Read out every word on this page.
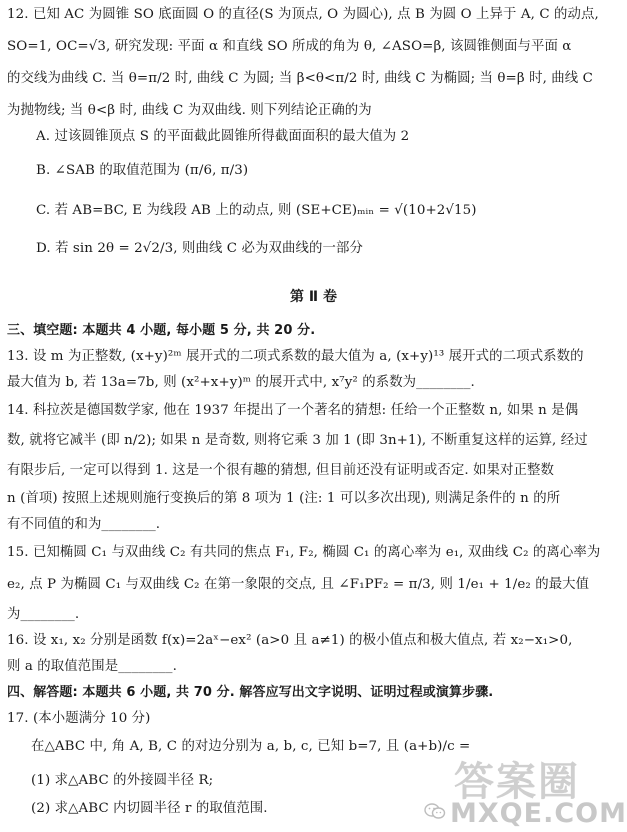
12. 已知 AC 为圆锥 SO 底面圆 O 的直径(S 为顶点, O 为圆心), 点 B 为圆 O 上异于 A, C 的动点,
SO=1, OC=√3, 研究发现: 平面 α 和直线 SO 所成的角为 θ, ∠ASO=β, 该圆锥侧面与平面 α
的交线为曲线 C. 当 θ=π/2 时, 曲线 C 为圆; 当 β<θ<π/2 时, 曲线 C 为椭圆; 当 θ=β 时, 曲线 C
为抛物线; 当 θ<β 时, 曲线 C 为双曲线. 则下列结论正确的为
A. 过该圆锥顶点 S 的平面截此圆锥所得截面面积的最大值为 2
B. ∠SAB 的取值范围为 (π/6, π/3)
C. 若 AB=BC, E 为线段 AB 上的动点, 则 (SE+CE)ₘᵢₙ = √(10+2√15)
D. 若 sin 2θ = 2√2/3, 则曲线 C 必为双曲线的一部分
第 Ⅱ 卷
三、填空题: 本题共 4 小题, 每小题 5 分, 共 20 分.
13. 设 m 为正整数, (x+y)²ᵐ 展开式的二项式系数的最大值为 a, (x+y)¹³ 展开式的二项式系数的
最大值为 b, 若 13a=7b, 则 (x²+x+y)ᵐ 的展开式中, x⁷y² 的系数为________.
14. 科拉茨是德国数学家, 他在 1937 年提出了一个著名的猜想: 任给一个正整数 n, 如果 n 是偶
数, 就将它减半 (即 n/2); 如果 n 是奇数, 则将它乘 3 加 1 (即 3n+1), 不断重复这样的运算, 经过
有限步后, 一定可以得到 1. 这是一个很有趣的猜想, 但目前还没有证明或否定. 如果对正整数
n (首项) 按照上述规则施行变换后的第 8 项为 1 (注: 1 可以多次出现), 则满足条件的 n 的所
有不同值的和为________.
15. 已知椭圆 C₁ 与双曲线 C₂ 有共同的焦点 F₁, F₂, 椭圆 C₁ 的离心率为 e₁, 双曲线 C₂ 的离心率为
e₂, 点 P 为椭圆 C₁ 与双曲线 C₂ 在第一象限的交点, 且 ∠F₁PF₂ = π/3, 则 1/e₁ + 1/e₂ 的最大值
为________.
16. 设 x₁, x₂ 分别是函数 f(x)=2aˣ−ex² (a>0 且 a≠1) 的极小值点和极大值点, 若 x₂−x₁>0,
则 a 的取值范围是________.
四、解答题: 本题共 6 小题, 共 70 分. 解答应写出文字说明、证明过程或演算步骤.
17. (本小题满分 10 分)
在△ABC 中, 角 A, B, C 的对边分别为 a, b, c, 已知 b=7, 且 (a+b)/c =
(1) 求△ABC 的外接圆半径 R;
(2) 求△ABC 内切圆半径 r 的取值范围.
答案圈
MXQE.COM
